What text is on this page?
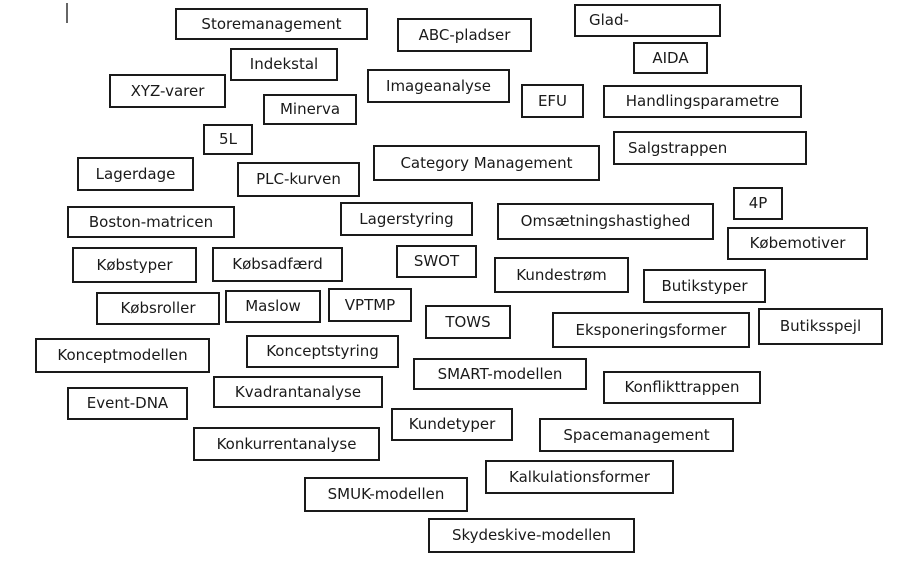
Storemanagement
ABC-pladser
Glad-
AIDA
Indekstal
XYZ-varer	Imageanalyse
EFU	Handlingsparametre
Minerva
5L
Category Management
Salgstrappen
Lagerdage	PLC-kurven
Boston-matricen	Lagerstyring	Omsætningshastighed
4P
Købemotiver
Købstyper	Købsadfærd	SWOT
Kundestrøm
Butikstyper
Købsroller	Maslow	VPTMP
TOWS	Eksponeringsformer	Butiksspejl
Konceptmodellen	Konceptstyring
SMART-modellen
Konflikttrappen
Kvadrantanalyse
Event-DNA
Kundetyper
Spacemanagement
Konkurrentanalyse
Kalkulationsformer
SMUK-modellen
Skydeskive-modellen
